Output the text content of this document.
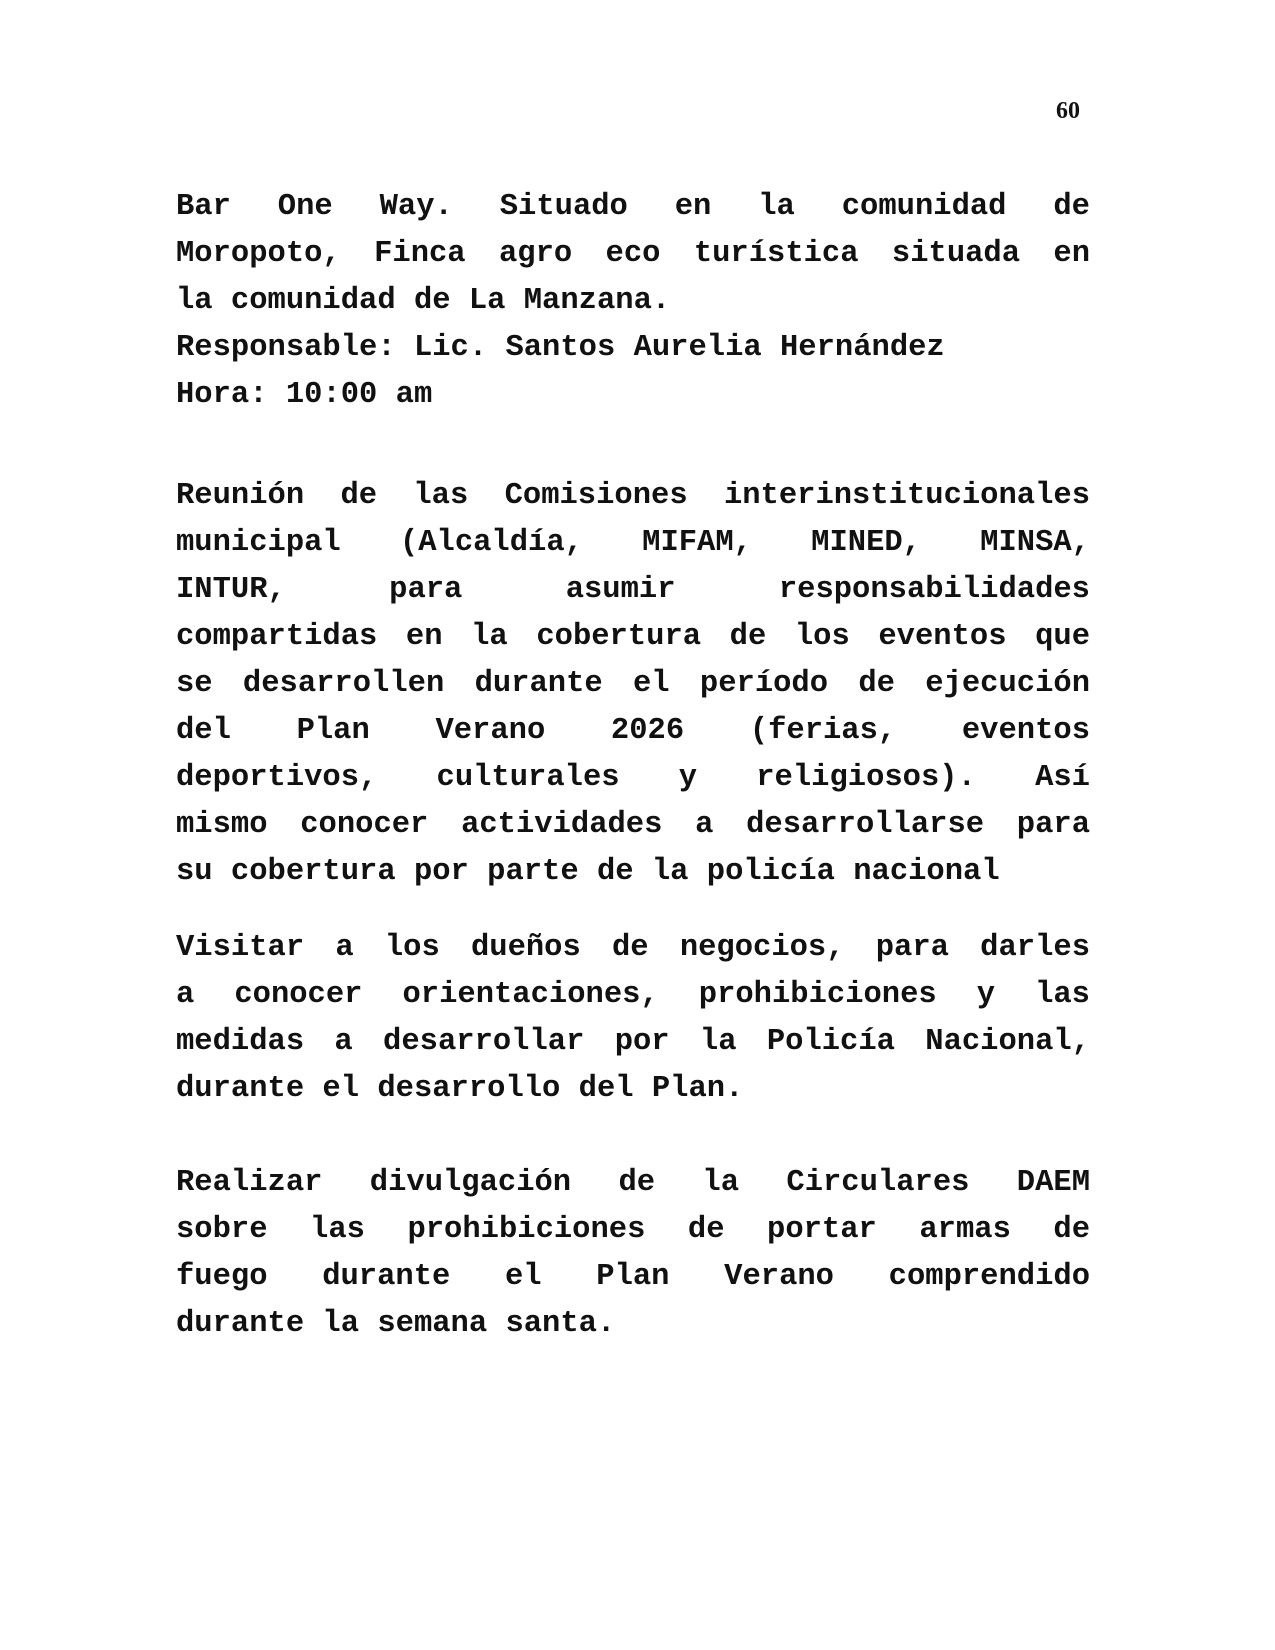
60
Bar One Way. Situado en la comunidad de
Moropoto, Finca agro eco turística situada en
la comunidad de La Manzana.
Responsable: Lic. Santos Aurelia Hernández
Hora: 10:00 am
Reunión de las Comisiones interinstitucionales
municipal (Alcaldía, MIFAM, MINED, MINSA,
INTUR, para asumir responsabilidades
compartidas en la cobertura de los eventos que
se desarrollen durante el período de ejecución
del Plan Verano 2026 (ferias, eventos
deportivos, culturales y religiosos). Así
mismo conocer actividades a desarrollarse para
su cobertura por parte de la policía nacional
Visitar a los dueños de negocios, para darles
a conocer orientaciones, prohibiciones y las
medidas a desarrollar por la Policía Nacional,
durante el desarrollo del Plan.
Realizar divulgación de la Circulares DAEM
sobre las prohibiciones de portar armas de
fuego durante el Plan Verano comprendido
durante la semana santa.
